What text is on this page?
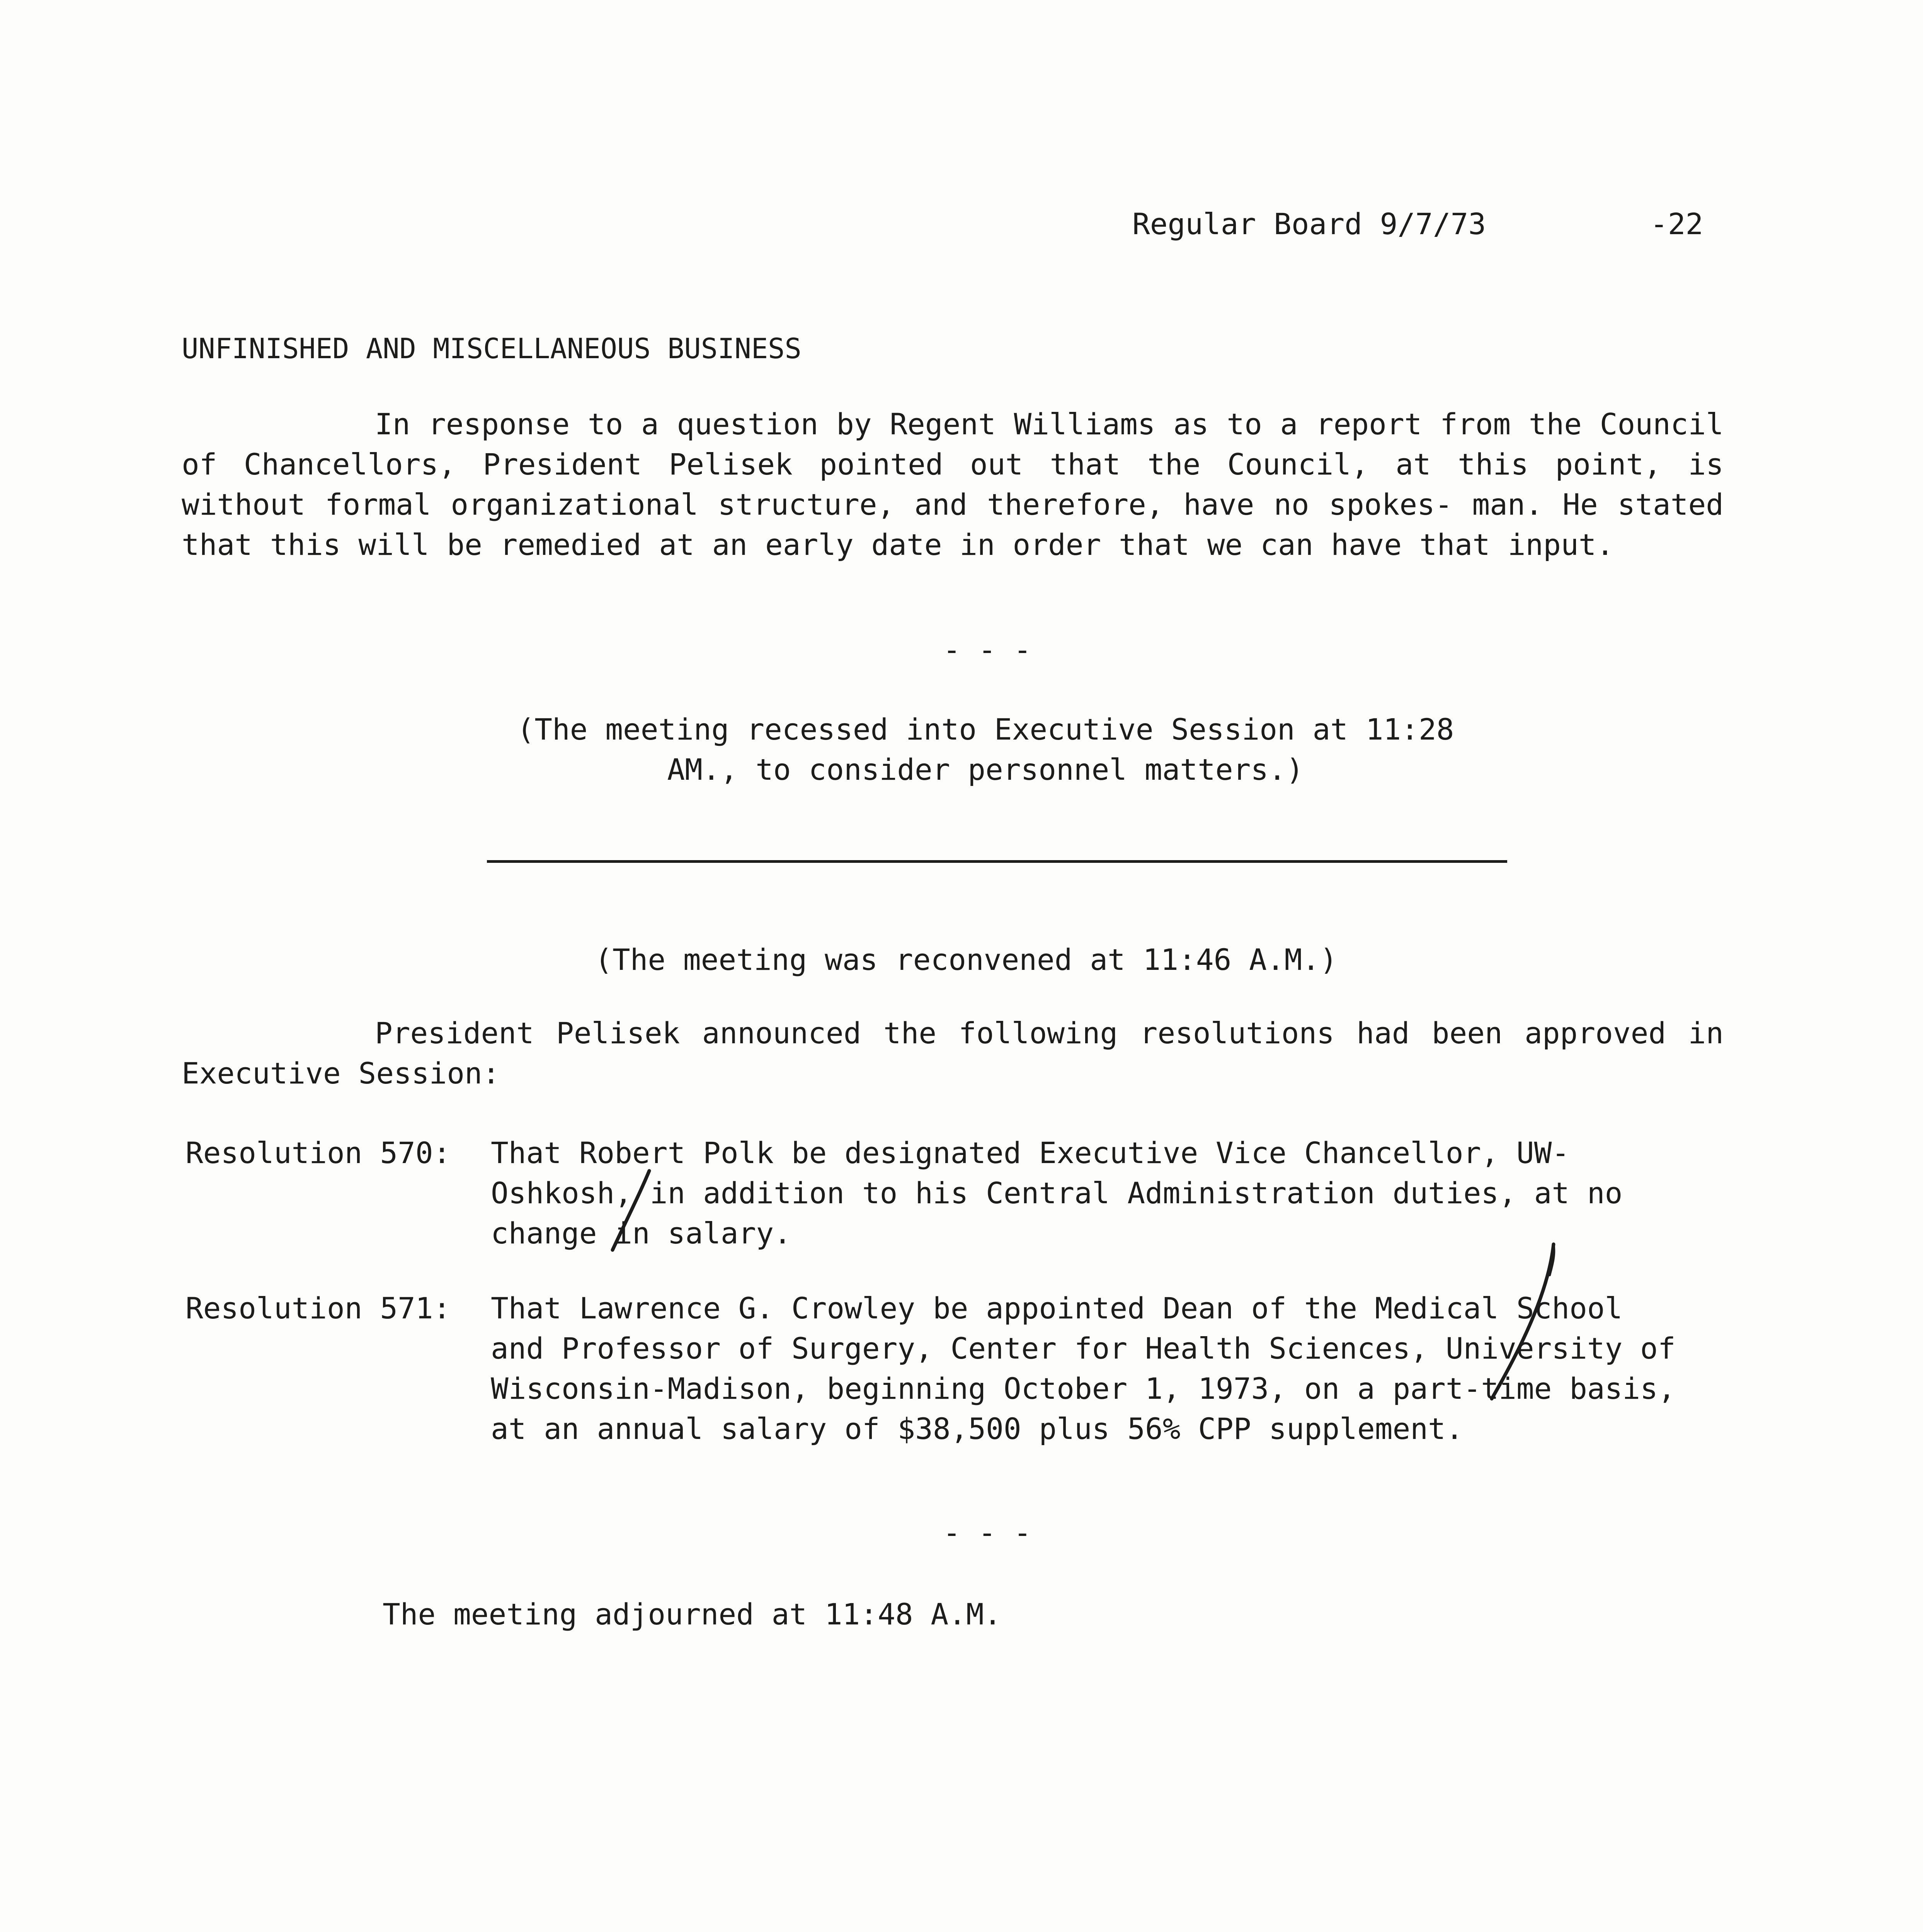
Regular Board 9/7/73	-22
UNFINISHED AND MISCELLANEOUS BUSINESS
In response to a question by Regent Williams as to a report from the Council of Chancellors, President Pelisek pointed out that the Council, at this point, is without formal organizational structure, and therefore, have no spokes- man. He stated that this will be remedied at an early date in order that we can have that input.
- - -
(The meeting recessed into Executive Session at 11:28
AM., to consider personnel matters.)
(The meeting was reconvened at 11:46 A.M.)
President Pelisek announced the following resolutions had been approved in Executive Session:
Resolution 570: That Robert Polk be designated Executive Vice Chancellor, UW-Oshkosh, in addition to his Central Administration duties, at no change in salary.
Resolution 571: That Lawrence G. Crowley be appointed Dean of the Medical School and Professor of Surgery, Center for Health Sciences, University of Wisconsin-Madison, beginning October 1, 1973, on a part-time basis, at an annual salary of $38,500 plus 56% CPP supplement.
- - -
The meeting adjourned at 11:48 A.M.
